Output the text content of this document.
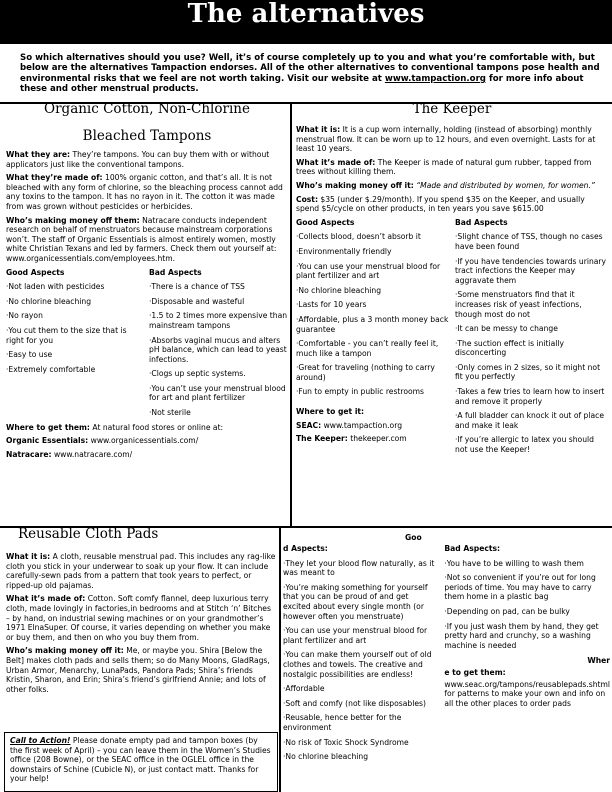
The alternatives
So which alternatives should you use? Well, it’s of course completely up to you and what you’re comfortable with, but below are the alternatives Tampaction endorses. All of the other alternatives to conventional tampons pose health and environmental risks that we feel are not worth taking. Visit our website at www.tampaction.org for more info about these and other menstrual products.
Organic Cotton, Non-Chlorine
Bleached Tampons

What they are: They’re tampons. You can buy them with or without applicators just like the conventional tampons.

What they’re made of: 100% organic cotton, and that’s all. It is not bleached with any form of chlorine, so the bleaching process cannot add any toxins to the tampon. It has no rayon in it. The cotton it was made from was grown without pesticides or herbicides.

Who’s making money off them: Natracare conducts independent research on behalf of menstruators because mainstream corporations won’t. The staff of Organic Essentials is almost entirely women, mostly white Christian Texans and led by farmers. Check them out yourself at: www.organicessentials.com/employees.htm.

Good Aspects
·Not laden with pesticides
·No chlorine bleaching
·No rayon
·You cut them to the size that is right for you
·Easy to use
·Extremely comfortable
Bad Aspects
·There is a chance of TSS
·Disposable and wasteful
·1.5 to 2 times more expensive than mainstream tampons
·Absorbs vaginal mucus and alters pH balance, which can lead to yeast infections.
·Clogs up septic systems.
·You can’t use your menstrual blood for art and plant fertilizer
·Not sterile

Where to get them: At natural food stores or online at:

Organic Essentials: www.organicessentials.com/

Natracare: www.natracare.com/

The Keeper

What it is: It is a cup worn internally, holding (instead of absorbing) monthly menstrual flow. It can be worn up to 12 hours, and even overnight. Lasts for at least 10 years.

What it’s made of: The Keeper is made of natural gum rubber, tapped from trees without killing them.

Who’s making money off it: “Made and distributed by women, for women.”

Cost: $35 (under $.29/month). If you spend $35 on the Keeper, and usually spend $5/cycle on other products, in ten years you save $615.00

Good Aspects
·Collects blood, doesn’t absorb it
·Environmentally friendly
·You can use your menstrual blood for plant fertilizer and art
·No chlorine bleaching
·Lasts for 10 years
·Affordable, plus a 3 month money back guarantee
·Comfortable - you can’t really feel it, much like a tampon
·Great for traveling (nothing to carry around)
·Fun to empty in public restrooms

Where to get it:

SEAC: www.tampaction.org

The Keeper: thekeeper.com

Bad Aspects
·Slight chance of TSS, though no cases have been found
·If you have tendencies towards urinary tract infections the Keeper may aggravate them
·Some menstruators find that it increases risk of yeast infections, though most do not
·It can be messy to change
·The suction effect is initially disconcerting
·Only comes in 2 sizes, so it might not fit you perfectly
·Takes a few tries to learn how to insert and remove it properly
·A full bladder can knock it out of place and make it leak
·If you’re allergic to latex you should not use the Keeper!
Reusable Cloth Pads

What it is: A cloth, reusable menstrual pad. This includes any rag-like cloth you stick in your underwear to soak up your flow. It can include carefully-sewn pads from a pattern that took years to perfect, or ripped-up old pajamas.

What it’s made of: Cotton. Soft comfy flannel, deep luxurious terry cloth, made lovingly in factories,in bedrooms and at Stitch ‘n’ Bitches – by hand, on industrial sewing machines or on your grandmother’s 1971 ElnaSuper. Of course, it varies depending on whether you make or buy them, and then on who you buy them from.

Who’s making money off it: Me, or maybe you. Shira [Below the Belt] makes cloth pads and sells them; so do Many Moons, GladRags, Urban Armor, Menarchy, LunaPads, Pandora Pads; Shira’s friends Kristin, Sharon, and Erin; Shira’s friend’s girlfriend Annie; and lots of other folks.

Call to Action! Please donate empty pad and tampon boxes (by the first week of April) – you can leave them in the Women’s Studies office (208 Bowne), or the SEAC office in the OGLEL office in the downstairs of Schine (Cubicle N), or just contact matt. Thanks for your help!
Goo
d Aspects:
·They let your blood flow naturally, as it was meant to
·You’re making something for yourself that you can be proud of and get excited about every single month (or however often you menstruate)
·You can use your menstrual blood for plant fertilizer and art
·You can make them yourself out of old clothes and towels. The creative and nostalgic possibilities are endless!
·Affordable
·Soft and comfy (not like disposables)
·Reusable, hence better for the environment
·No risk of Toxic Shock Syndrome
·No chlorine bleaching
Bad Aspects:
·You have to be willing to wash them
·Not so convenient if you’re out for long periods of time. You may have to carry them home in a plastic bag
·Depending on pad, can be bulky
·If you just wash them by hand, they get pretty hard and crunchy, so a washing machine is needed
Wher
e to get them:
www.seac.org/tampons/reusablepads.shtml for patterns to make your own and info on all the other places to order pads
